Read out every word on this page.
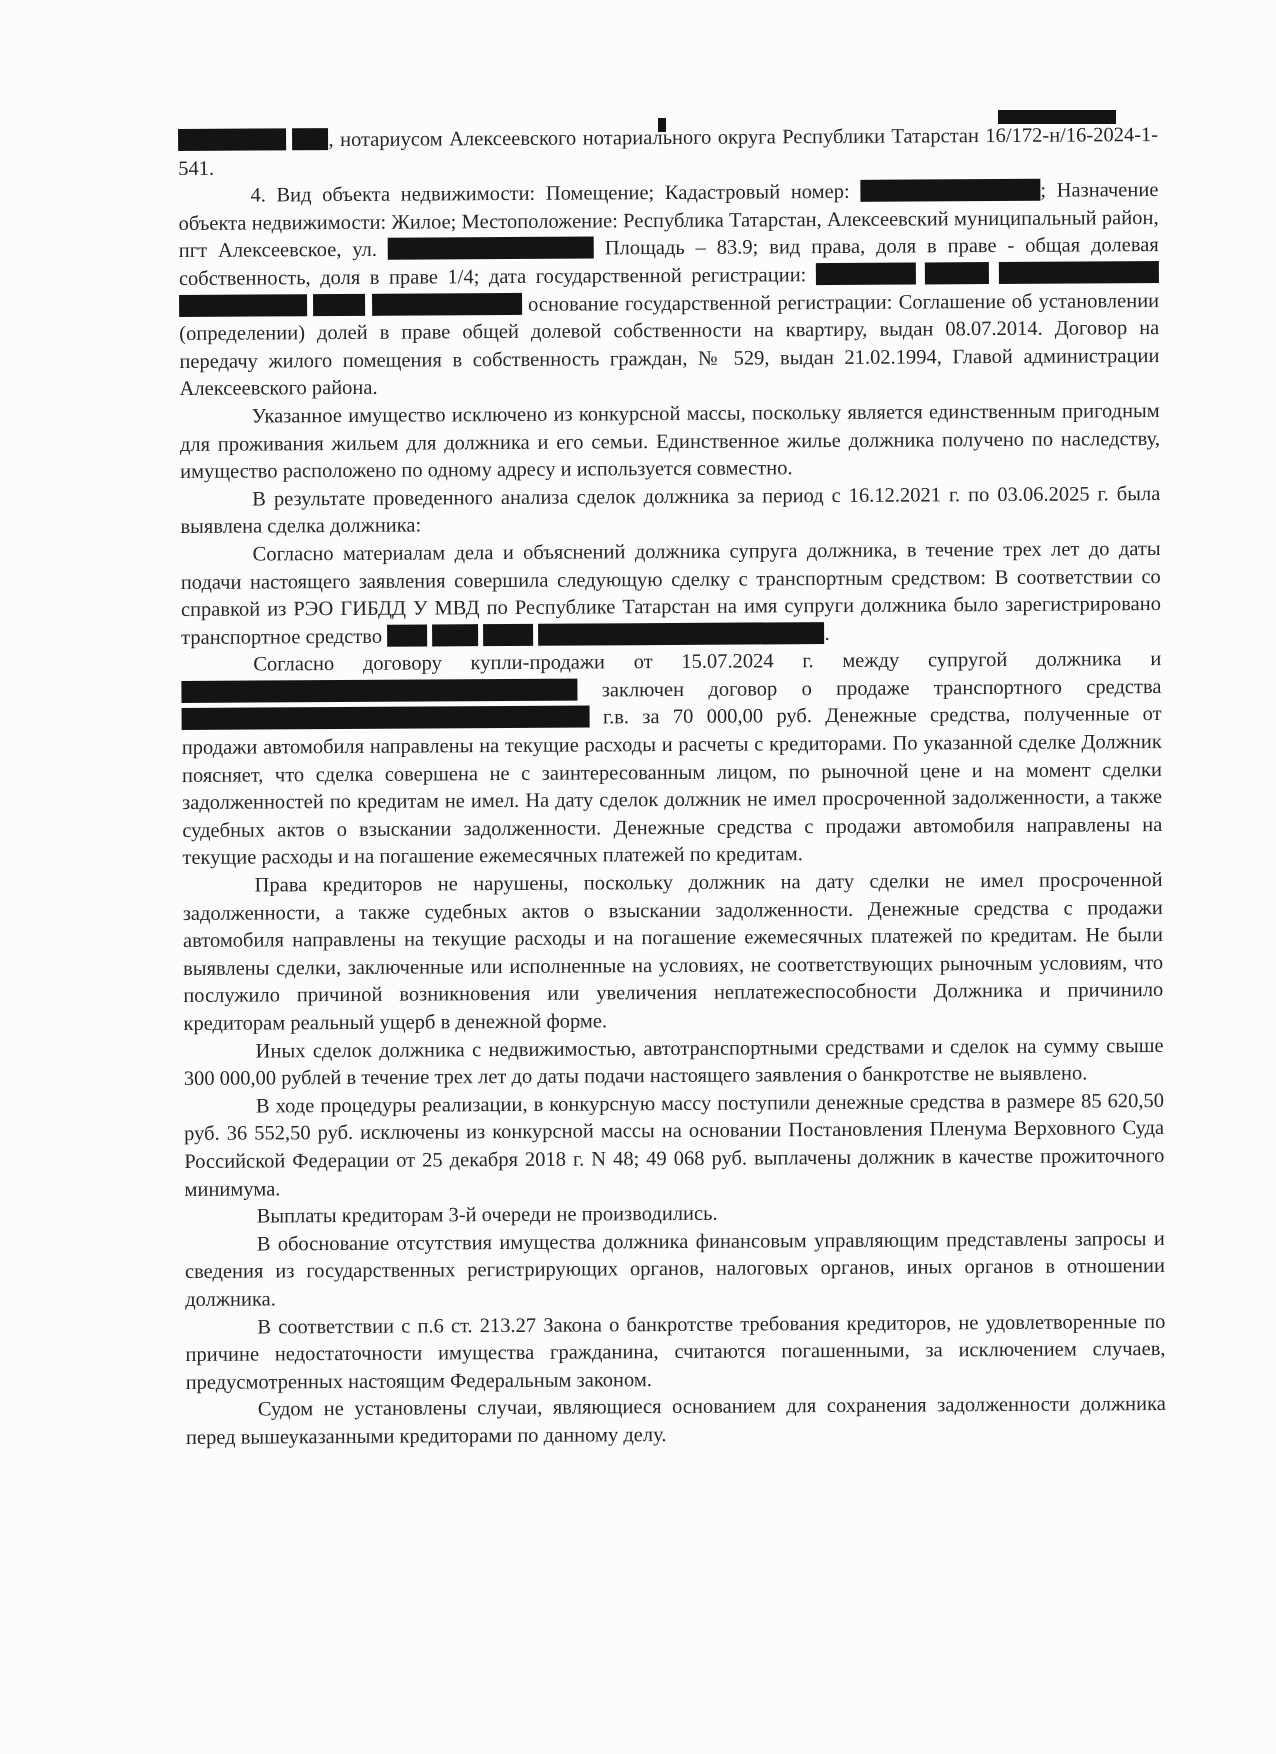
, нотариусом Алексеевского нотариального округа Республики Татарстан 16/172-н/16-2024-1-541.

4. Вид объекта недвижимости: Помещение; Кадастровый номер:	; Назначение объекта недвижимости: Жилое; Местоположение: Республика Татарстан, Алексеевский муниципальный район, пгт Алексеевское, ул.	Площадь – 83.9; вид права, доля в праве - общая долевая собственность, доля в праве 1/4; дата государственной регистрации:       основание государственной регистрации: Соглашение об установлении (определении) долей в праве общей долевой собственности на квартиру, выдан 08.07.2014. Договор на передачу жилого помещения в собственность граждан, № 529, выдан 21.02.1994, Главой администрации Алексеевского района.

Указанное имущество исключено из конкурсной массы, поскольку является единственным пригодным для проживания жильем для должника и его семьи. Единственное жилье должника получено по наследству, имущество расположено по одному адресу и используется совместно.

В результате проведенного анализа сделок должника за период с 16.12.2021 г. по 03.06.2025 г. была выявлена сделка должника:

Согласно материалам дела и объяснений должника супруга должника, в течение трех лет до даты подачи настоящего заявления совершила следующую сделку с транспортным средством: В соответствии со справкой из РЭО ГИБДД У МВД по Республике Татарстан на имя супруги должника было зарегистрировано транспортное средство	.

Согласно договору купли-продажи от 15.07.2024 г. между супругой должника и  заключен договор о продаже транспортного средства  г.в. за 70 000,00 руб. Денежные средства, полученные от продажи автомобиля направлены на текущие расходы и расчеты с кредиторами. По указанной сделке Должник поясняет, что сделка совершена не с заинтересованным лицом, по рыночной цене и на момент сделки задолженностей по кредитам не имел. На дату сделок должник не имел просроченной задолженности, а также судебных актов о взыскании задолженности. Денежные средства с продажи автомобиля направлены на текущие расходы и на погашение ежемесячных платежей по кредитам.

Права кредиторов не нарушены, поскольку должник на дату сделки не имел просроченной задолженности, а также судебных актов о взыскании задолженности. Денежные средства с продажи автомобиля направлены на текущие расходы и на погашение ежемесячных платежей по кредитам. Не были выявлены сделки, заключенные или исполненные на условиях, не соответствующих рыночным условиям, что послужило причиной возникновения или увеличения неплатежеспособности Должника и причинило кредиторам реальный ущерб в денежной форме.

Иных сделок должника с недвижимостью, автотранспортными средствами и сделок на сумму свыше 300 000,00 рублей в течение трех лет до даты подачи настоящего заявления о банкротстве не выявлено.

В ходе процедуры реализации, в конкурсную массу поступили денежные средства в размере 85 620,50 руб. 36 552,50 руб. исключены из конкурсной массы на основании Постановления Пленума Верховного Суда Российской Федерации от 25 декабря 2018 г. N 48; 49 068 руб. выплачены должник в качестве прожиточного минимума.

Выплаты кредиторам 3-й очереди не производились.

В обоснование отсутствия имущества должника финансовым управляющим представлены запросы и сведения из государственных регистрирующих органов, налоговых органов, иных органов в отношении должника.

В соответствии с п.6 ст. 213.27 Закона о банкротстве требования кредиторов, не удовлетворенные по причине недостаточности имущества гражданина, считаются погашенными, за исключением случаев, предусмотренных настоящим Федеральным законом.

Судом не установлены случаи, являющиеся основанием для сохранения задолженности должника перед вышеуказанными кредиторами по данному делу.
